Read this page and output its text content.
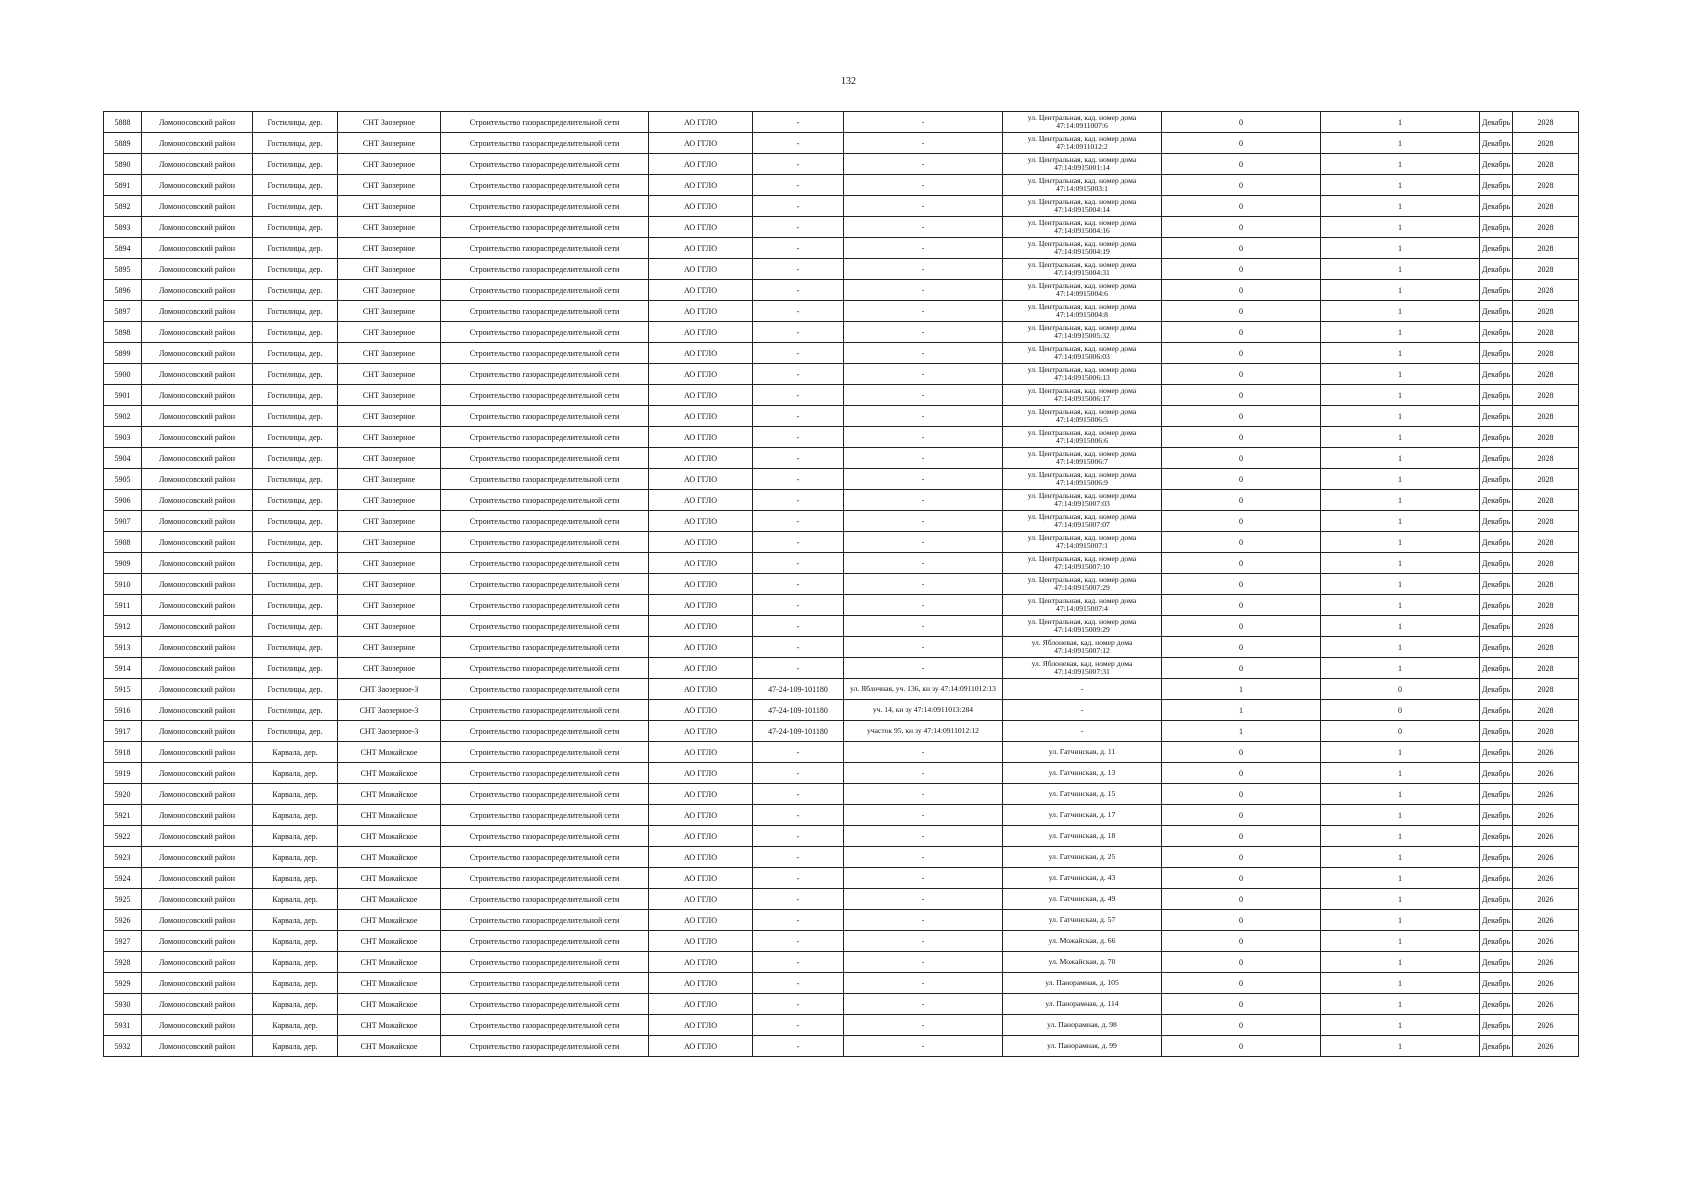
132
5888	Ломоносовский район	Гостилицы, дер.	СНТ Заозерное	Строительство газораспределительной сети	АО ГГЛО	-	-	ул. Центральная, кад. номер дома 47:14:0911007:6	0	1	Декабрь	2028
5889	Ломоносовский район	Гостилицы, дер.	СНТ Заозерное	Строительство газораспределительной сети	АО ГГЛО	-	-	ул. Центральная, кад. номер дома 47:14:0911012:2	0	1	Декабрь	2028
5890	Ломоносовский район	Гостилицы, дер.	СНТ Заозерное	Строительство газораспределительной сети	АО ГГЛО	-	-	ул. Центральная, кад. номер дома 47:14:0915001:14	0	1	Декабрь	2028
5891	Ломоносовский район	Гостилицы, дер.	СНТ Заозерное	Строительство газораспределительной сети	АО ГГЛО	-	-	ул. Центральная, кад. номер дома 47:14:0915003:1	0	1	Декабрь	2028
5892	Ломоносовский район	Гостилицы, дер.	СНТ Заозерное	Строительство газораспределительной сети	АО ГГЛО	-	-	ул. Центральная, кад. номер дома 47:14:0915004:14	0	1	Декабрь	2028
5893	Ломоносовский район	Гостилицы, дер.	СНТ Заозерное	Строительство газораспределительной сети	АО ГГЛО	-	-	ул. Центральная, кад. номер дома 47:14:0915004:16	0	1	Декабрь	2028
5894	Ломоносовский район	Гостилицы, дер.	СНТ Заозерное	Строительство газораспределительной сети	АО ГГЛО	-	-	ул. Центральная, кад. номер дома 47:14:0915004:19	0	1	Декабрь	2028
5895	Ломоносовский район	Гостилицы, дер.	СНТ Заозерное	Строительство газораспределительной сети	АО ГГЛО	-	-	ул. Центральная, кад. номер дома 47:14:0915004:31	0	1	Декабрь	2028
5896	Ломоносовский район	Гостилицы, дер.	СНТ Заозерное	Строительство газораспределительной сети	АО ГГЛО	-	-	ул. Центральная, кад. номер дома 47:14:0915004:6	0	1	Декабрь	2028
5897	Ломоносовский район	Гостилицы, дер.	СНТ Заозерное	Строительство газораспределительной сети	АО ГГЛО	-	-	ул. Центральная, кад. номер дома 47:14:0915004:8	0	1	Декабрь	2028
5898	Ломоносовский район	Гостилицы, дер.	СНТ Заозерное	Строительство газораспределительной сети	АО ГГЛО	-	-	ул. Центральная, кад. номер дома 47:14:0915005:32	0	1	Декабрь	2028
5899	Ломоносовский район	Гостилицы, дер.	СНТ Заозерное	Строительство газораспределительной сети	АО ГГЛО	-	-	ул. Центральная, кад. номер дома 47:14:0915006:03	0	1	Декабрь	2028
5900	Ломоносовский район	Гостилицы, дер.	СНТ Заозерное	Строительство газораспределительной сети	АО ГГЛО	-	-	ул. Центральная, кад. номер дома 47:14:0915006:13	0	1	Декабрь	2028
5901	Ломоносовский район	Гостилицы, дер.	СНТ Заозерное	Строительство газораспределительной сети	АО ГГЛО	-	-	ул. Центральная, кад. номер дома 47:14:0915006:17	0	1	Декабрь	2028
5902	Ломоносовский район	Гостилицы, дер.	СНТ Заозерное	Строительство газораспределительной сети	АО ГГЛО	-	-	ул. Центральная, кад. номер дома 47:14:0915006:5	0	1	Декабрь	2028
5903	Ломоносовский район	Гостилицы, дер.	СНТ Заозерное	Строительство газораспределительной сети	АО ГГЛО	-	-	ул. Центральная, кад. номер дома 47:14:0915006:6	0	1	Декабрь	2028
5904	Ломоносовский район	Гостилицы, дер.	СНТ Заозерное	Строительство газораспределительной сети	АО ГГЛО	-	-	ул. Центральная, кад. номер дома 47:14:0915006:7	0	1	Декабрь	2028
5905	Ломоносовский район	Гостилицы, дер.	СНТ Заозерное	Строительство газораспределительной сети	АО ГГЛО	-	-	ул. Центральная, кад. номер дома 47:14:0915006:9	0	1	Декабрь	2028
5906	Ломоносовский район	Гостилицы, дер.	СНТ Заозерное	Строительство газораспределительной сети	АО ГГЛО	-	-	ул. Центральная, кад. номер дома 47:14:0915007:03	0	1	Декабрь	2028
5907	Ломоносовский район	Гостилицы, дер.	СНТ Заозерное	Строительство газораспределительной сети	АО ГГЛО	-	-	ул. Центральная, кад. номер дома 47:14:0915007:07	0	1	Декабрь	2028
5908	Ломоносовский район	Гостилицы, дер.	СНТ Заозерное	Строительство газораспределительной сети	АО ГГЛО	-	-	ул. Центральная, кад. номер дома 47:14:0915007:1	0	1	Декабрь	2028
5909	Ломоносовский район	Гостилицы, дер.	СНТ Заозерное	Строительство газораспределительной сети	АО ГГЛО	-	-	ул. Центральная, кад. номер дома 47:14:0915007:10	0	1	Декабрь	2028
5910	Ломоносовский район	Гостилицы, дер.	СНТ Заозерное	Строительство газораспределительной сети	АО ГГЛО	-	-	ул. Центральная, кад. номер дома 47:14:0915007:29	0	1	Декабрь	2028
5911	Ломоносовский район	Гостилицы, дер.	СНТ Заозерное	Строительство газораспределительной сети	АО ГГЛО	-	-	ул. Центральная, кад. номер дома 47:14:0915007:4	0	1	Декабрь	2028
5912	Ломоносовский район	Гостилицы, дер.	СНТ Заозерное	Строительство газораспределительной сети	АО ГГЛО	-	-	ул. Центральная, кад. номер дома 47:14:0915009:29	0	1	Декабрь	2028
5913	Ломоносовский район	Гостилицы, дер.	СНТ Заозерное	Строительство газораспределительной сети	АО ГГЛО	-	-	ул. Яблоневая, кад. номер дома 47:14:0915007:12	0	1	Декабрь	2028
5914	Ломоносовский район	Гостилицы, дер.	СНТ Заозерное	Строительство газораспределительной сети	АО ГГЛО	-	-	ул. Яблоневая, кад. номер дома 47:14:0915007:31	0	1	Декабрь	2028
5915	Ломоносовский район	Гостилицы, дер.	СНТ Заозерное-3	Строительство газораспределительной сети	АО ГГЛО	47-24-109-101180	ул. Яблочная, уч. 136, кн зу 47:14:0911012:13	-	1	0	Декабрь	2028
5916	Ломоносовский район	Гостилицы, дер.	СНТ Заозерное-3	Строительство газораспределительной сети	АО ГГЛО	47-24-109-101180	уч. 14, кн зу 47:14:0911013:284	-	1	0	Декабрь	2028
5917	Ломоносовский район	Гостилицы, дер.	СНТ Заозерное-3	Строительство газораспределительной сети	АО ГГЛО	47-24-109-101180	участок 95, кн зу 47:14:0911012:12	-	1	0	Декабрь	2028
5918	Ломоносовский район	Карвала, дер.	СНТ Можайское	Строительство газораспределительной сети	АО ГГЛО	-	-	ул. Гатчинская, д. 11	0	1	Декабрь	2026
5919	Ломоносовский район	Карвала, дер.	СНТ Можайское	Строительство газораспределительной сети	АО ГГЛО	-	-	ул. Гатчинская, д. 13	0	1	Декабрь	2026
5920	Ломоносовский район	Карвала, дер.	СНТ Можайское	Строительство газораспределительной сети	АО ГГЛО	-	-	ул. Гатчинская, д. 15	0	1	Декабрь	2026
5921	Ломоносовский район	Карвала, дер.	СНТ Можайское	Строительство газораспределительной сети	АО ГГЛО	-	-	ул. Гатчинская, д. 17	0	1	Декабрь	2026
5922	Ломоносовский район	Карвала, дер.	СНТ Можайское	Строительство газораспределительной сети	АО ГГЛО	-	-	ул. Гатчинская, д. 18	0	1	Декабрь	2026
5923	Ломоносовский район	Карвала, дер.	СНТ Можайское	Строительство газораспределительной сети	АО ГГЛО	-	-	ул. Гатчинская, д. 25	0	1	Декабрь	2026
5924	Ломоносовский район	Карвала, дер.	СНТ Можайское	Строительство газораспределительной сети	АО ГГЛО	-	-	ул. Гатчинская, д. 43	0	1	Декабрь	2026
5925	Ломоносовский район	Карвала, дер.	СНТ Можайское	Строительство газораспределительной сети	АО ГГЛО	-	-	ул. Гатчинская, д. 49	0	1	Декабрь	2026
5926	Ломоносовский район	Карвала, дер.	СНТ Можайское	Строительство газораспределительной сети	АО ГГЛО	-	-	ул. Гатчинская, д. 57	0	1	Декабрь	2026
5927	Ломоносовский район	Карвала, дер.	СНТ Можайское	Строительство газораспределительной сети	АО ГГЛО	-	-	ул. Можайская, д. 66	0	1	Декабрь	2026
5928	Ломоносовский район	Карвала, дер.	СНТ Можайское	Строительство газораспределительной сети	АО ГГЛО	-	-	ул. Можайская, д. 70	0	1	Декабрь	2026
5929	Ломоносовский район	Карвала, дер.	СНТ Можайское	Строительство газораспределительной сети	АО ГГЛО	-	-	ул. Панорамная, д. 105	0	1	Декабрь	2026
5930	Ломоносовский район	Карвала, дер.	СНТ Можайское	Строительство газораспределительной сети	АО ГГЛО	-	-	ул. Панорамная, д. 114	0	1	Декабрь	2026
5931	Ломоносовский район	Карвала, дер.	СНТ Можайское	Строительство газораспределительной сети	АО ГГЛО	-	-	ул. Панорамная, д. 98	0	1	Декабрь	2026
5932	Ломоносовский район	Карвала, дер.	СНТ Можайское	Строительство газораспределительной сети	АО ГГЛО	-	-	ул. Панорамная, д. 99	0	1	Декабрь	2026
